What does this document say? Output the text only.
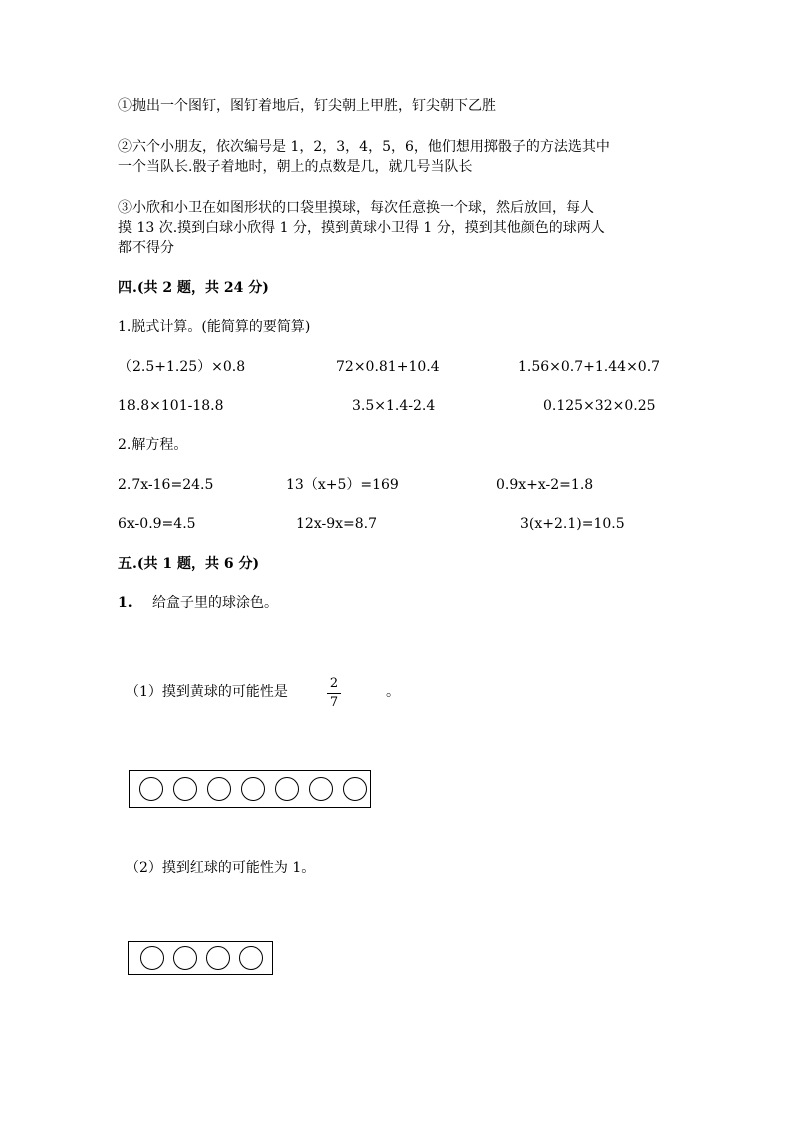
①抛出一个图钉，图钉着地后，钉尖朝上甲胜，钉尖朝下乙胜
②六个小朋友，依次编号是 1，2，3，4，5，6，他们想用掷骰子的方法选其中
一个当队长.骰子着地时，朝上的点数是几，就几号当队长
③小欣和小卫在如图形状的口袋里摸球，每次任意换一个球，然后放回，每人
摸 13 次.摸到白球小欣得 1 分，摸到黄球小卫得 1 分，摸到其他颜色的球两人
都不得分
四.(共 2 题，共 24 分)
1.脱式计算。(能简算的要简算)
（2.5+1.25）×0.8	72×0.81+10.4	1.56×0.7+1.44×0.7
18.8×101-18.8	3.5×1.4-2.4	0.125×32×0.25
2.解方程。
2.7x-16=24.5	13（x+5）=169	0.9x+x-2=1.8
6x-0.9=4.5	12x-9x=8.7	3(x+2.1)=10.5
五.(共 1 题，共 6 分)
1. 给盒子里的球涂色。
（1）摸到黄球的可能性是
2
7
。
（2）摸到红球的可能性为 1。
